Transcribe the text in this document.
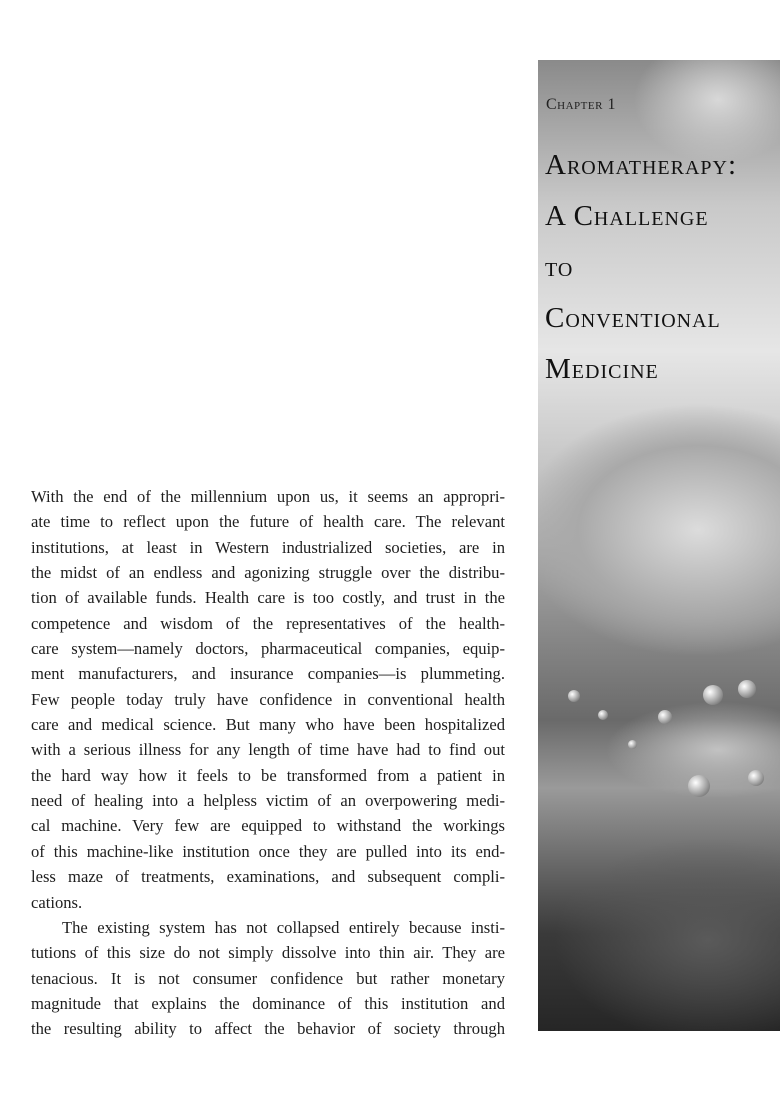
Chapter 1
Aromatherapy:
A Challenge
to
Conventional
Medicine
With the end of the millennium upon us, it seems an appropri-
ate time to reflect upon the future of health care. The relevant
institutions, at least in Western industrialized societies, are in
the midst of an endless and agonizing struggle over the distribu-
tion of available funds. Health care is too costly, and trust in the
competence and wisdom of the representatives of the health-
care system—namely doctors, pharmaceutical companies, equip-
ment manufacturers, and insurance companies—is plummeting.
Few people today truly have confidence in conventional health
care and medical science. But many who have been hospitalized
with a serious illness for any length of time have had to find out
the hard way how it feels to be transformed from a patient in
need of healing into a helpless victim of an overpowering medi-
cal machine. Very few are equipped to withstand the workings
of this machine-like institution once they are pulled into its end-
less maze of treatments, examinations, and subsequent compli-
cations.
The existing system has not collapsed entirely because insti-
tutions of this size do not simply dissolve into thin air. They are
tenacious. It is not consumer confidence but rather monetary
magnitude that explains the dominance of this institution and
the resulting ability to affect the behavior of society through
